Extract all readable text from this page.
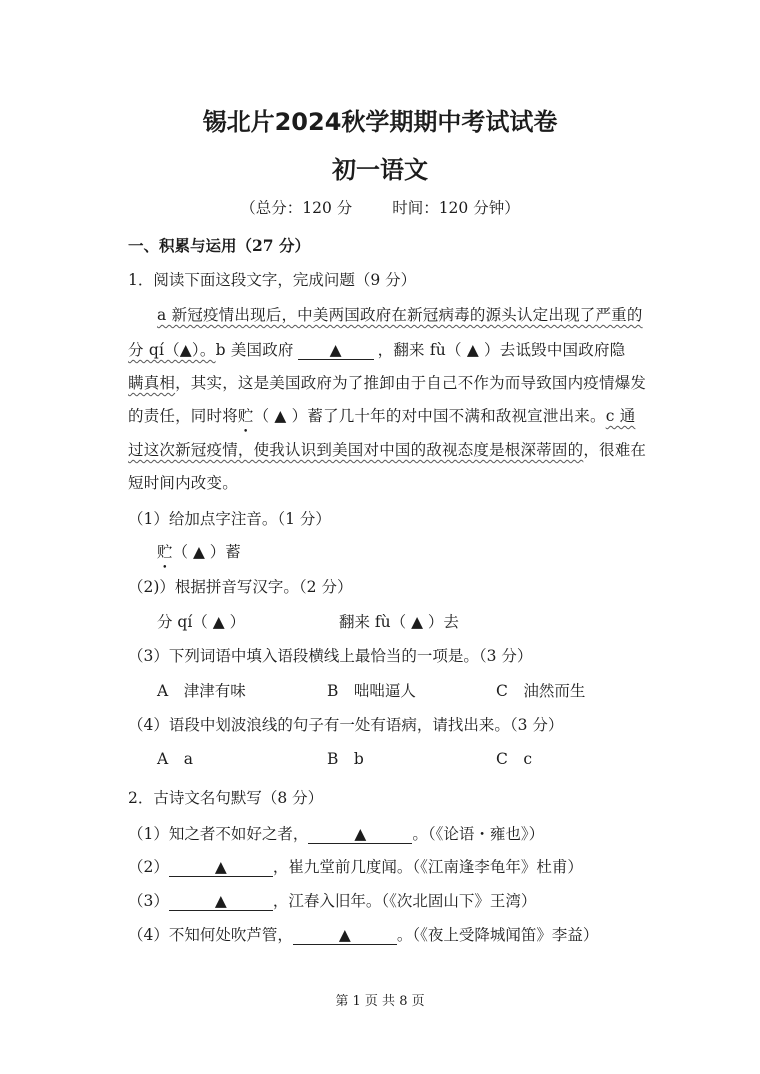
锡北片2024秋学期期中考试试卷
初一语文
（总分：120 分	时间：120 分钟）
一、积累与运用（27 分）
1．阅读下面这段文字，完成问题（9 分）
a 新冠疫情出现后，中美两国政府在新冠病毒的源头认定出现了严重的
分 qí（▲）。b 美国政府 ▲ ，翻来 fù（ ▲ ）去诋毁中国政府隐
瞒真相，其实，这是美国政府为了推卸由于自己不作为而导致国内疫情爆发
的责任，同时将贮（ ▲ ）蓄了几十年的对中国不满和敌视宣泄出来。c 通
过这次新冠疫情，使我认识到美国对中国的敌视态度是根深蒂固的，很难在
短时间内改变。
（1）给加点字注音。（1 分）
贮（ ▲ ）蓄
（2)）根据拼音写汉字。（2 分）
分 qí（ ▲ ）	翻来 fù（ ▲ ）去
（3）下列词语中填入语段横线上最恰当的一项是。（3 分）
A　津津有味	B　咄咄逼人	C　油然而生
（4）语段中划波浪线的句子有一处有语病，请找出来。（3 分）
A　a	B　b	C　c
2．古诗文名句默写（8 分）
（1）知之者不如好之者，	▲	。（《论语・雍也》）
（2）	▲	，崔九堂前几度闻。（《江南逢李龟年》杜甫）
（3）	▲	，江春入旧年。（《次北固山下》王湾）
（4）不知何处吹芦管，	▲	。（《夜上受降城闻笛》李益）
第 1 页 共 8 页
